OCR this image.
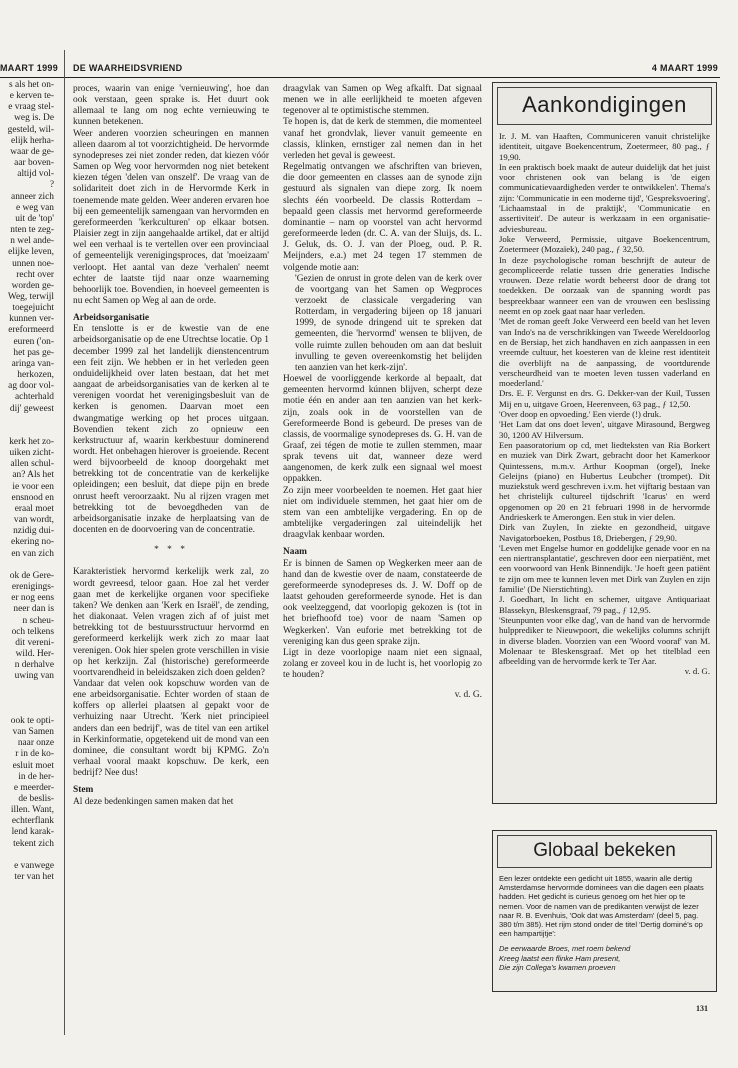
MAART 1999 DE WAARHEIDSVRIEND	4 MAART 1999
s als het on-
e kerven te-
e vraag stel-
weg is. De
gesteld, wil-
elijk herha-
waar de ge-
aar boven-
altijd vol-
?
anneer zich
e weg van
uit de 'top'
nten te zeg-
n wel ande-
elijke leven,
unnen noe-
recht over
worden ge-
Weg, terwijl
toegejuicht
kunnen ver-
ereformeerd
euren ('on-
het pas ge-
aringa van-
herkozen,
ag door vol-
achterhald
dij' geweest

kerk het zo-
uiken zicht-
allen schul-
an? Als het
ie voor een
ensnood en
eraal moet
van wordt,
nzidig dui-
ekering no-
en van zich

ok de Gere-
erenigings-
er nog eens
neer dan is
n scheu-
och telkens
dit vereni-
wild. Her-
n derhalve
uwing van

ook te opti-
van Samen
naar onze
r in de ko-
esluit moet
in de her-
e meerder-
de beslis-
illen. Want,
echterflank
lend karak-
tekent zich

e vanwege
ter van het

proces, waarin van enige 'vernieuwing', hoe dan ook verstaan, geen sprake is. Het duurt ook allemaal te lang om nog echte vernieuwing te kunnen betekenen.

Weer anderen voorzien scheuringen en mannen alleen daarom al tot voorzichtigheid. De hervormde synodepreses zei niet zonder reden, dat kiezen vóór Samen op Weg voor hervormden nog niet betekent kiezen tégen 'delen van onszelf'. De vraag van de solidariteit doet zich in de Hervormde Kerk in toenemende mate gelden. Weer anderen ervaren hoe bij een gemeentelijk samengaan van hervormden en gereformeerden 'kerkculturen' op elkaar botsen. Plaisier zegt in zijn aangehaalde artikel, dat er altijd wel een verhaal is te vertellen over een provinciaal of gemeentelijk verenigingsproces, dat 'moeizaam' verloopt. Het aantal van deze 'verhalen' neemt echter de laatste tijd naar onze waarneming behoorlijk toe. Bovendien, in hoeveel gemeenten is nu echt Samen op Weg al aan de orde.

Arbeidsorganisatie

En tenslotte is er de kwestie van de ene arbeidsorganisatie op de ene Utrechtse locatie. Op 1 december 1999 zal het landelijk dienstencentrum een feit zijn. We hebben er in het verleden geen onduidelijkheid over laten bestaan, dat het met aangaat de arbeidsorganisaties van de kerken al te verenigen voordat het verenigingsbesluit van de kerken is genomen. Daarvan moet een dwangmatige werking op het proces uitgaan. Bovendien tekent zich zo opnieuw een kerkstructuur af, waarin kerkbestuur dominerend wordt. Het onbehagen hierover is groeiende. Recent werd bijvoorbeeld de knoop doorgehakt met betrekking tot de concentratie van de kerkelijke opleidingen; een besluit, dat diepe pijn en brede onrust heeft veroorzaakt. Nu al rijzen vragen met betrekking tot de bevoegdheden van de arbeidsorganisatie inzake de herplaatsing van de docenten en de doorvoering van de concentratie.

* * *

Karakteristiek hervormd kerkelijk werk zal, zo wordt gevreesd, teloor gaan. Hoe zal het verder gaan met de kerkelijke organen voor specifieke taken? We denken aan 'Kerk en Israël', de zending, het diakonaat. Velen vragen zich af of juist met betrekking tot de bestuursstructuur hervormd en gereformeerd kerkelijk werk zich zo maar laat verenigen. Ook hier spelen grote verschillen in visie op het kerkzijn. Zal (historische) gereformeerde voortvarendheid in beleidszaken zich doen gelden?

Vandaar dat velen ook kopschuw worden van de ene arbeidsorganisatie. Echter worden of staan de koffers op allerlei plaatsen al gepakt voor de verhuizing naar Utrecht. 'Kerk niet principieel anders dan een bedrijf', was de titel van een artikel in Kerkinformatie, opgetekend uit de mond van een dominee, die consultant wordt bij KPMG. Zo'n verhaal vooral maakt kopschuw. De kerk, een bedrijf? Nee dus!

Stem

Al deze bedenkingen samen maken dat het

draagvlak van Samen op Weg afkalft. Dat signaal menen we in alle eerlijkheid te moeten afgeven tegenover al te optimistische stemmen.

Te hopen is, dat de kerk de stemmen, die momenteel vanaf het grondvlak, liever vanuit gemeente en classis, klinken, ernstiger zal nemen dan in het verleden het geval is geweest.

Regelmatig ontvangen we afschriften van brieven, die door gemeenten en classes aan de synode zijn gestuurd als signalen van diepe zorg. Ik noem slechts één voorbeeld. De classis Rotterdam – bepaald geen classis met hervormd gereformeerde dominantie – nam op voorstel van acht hervormd gereformeerde leden (dr. C. A. van der Sluijs, ds. L. J. Geluk, ds. O. J. van der Ploeg, oud. P. R. Meijnders, e.a.) met 24 tegen 17 stemmen de volgende motie aan:

'Gezien de onrust in grote delen van de kerk over de voortgang van het Samen op Wegproces verzoekt de classicale vergadering van Rotterdam, in vergadering bijeen op 18 januari 1999, de synode dringend uit te spreken dat gemeenten, die 'hervormd' wensen te blijven, de volle ruimte zullen behouden om aan dat besluit invulling te geven overeenkomstig het belijden ten aanzien van het kerk-zijn'.

Hoewel de voorliggende kerkorde al bepaalt, dat gemeenten hervormd kúnnen blijven, scherpt deze motie één en ander aan ten aanzien van het kerk-zijn, zoals ook in de voorstellen van de Gereformeerde Bond is gebeurd. De preses van de classis, de voormalige synodepreses ds. G. H. van de Graaf, zei tégen de motie te zullen stemmen, maar sprak tevens uit dat, wanneer deze werd aangenomen, de kerk zulk een signaal wel moest oppakken.

Zo zijn meer voorbeelden te noemen. Het gaat hier niet om individuele stemmen, het gaat hier om de stem van een ambtelijke vergadering. En op de ambtelijke vergaderingen zal uiteindelijk het draagvlak kenbaar worden.

Naam

Er is binnen de Samen op Wegkerken meer aan de hand dan de kwestie over de naam, constateerde de gereformeerde synodepreses ds. J. W. Doff op de laatst gehouden gereformeerde synode. Het is dan ook veelzeggend, dat voorlopig gekozen is (tot in het briefhoofd toe) voor de naam 'Samen op Wegkerken'. Van euforie met betrekking tot de vereniging kan dus geen sprake zijn.

Ligt in deze voorlopige naam niet een signaal, zolang er zoveel kou in de lucht is, het voorlopig zo te houden?

v. d. G.
Aankondigingen

Ir. J. M. van Haaften, Communiceren vanuit christelijke identiteit, uitgave Boekencentrum, Zoetermeer, 80 pag., ƒ 19,90.

In een praktisch boek maakt de auteur duidelijk dat het juist voor christenen ook van belang is 'de eigen communicatievaardigheden verder te ontwikkelen'. Thema's zijn: 'Communicatie in een moderne tijd', 'Gespreksvoering', 'Lichaamstaal in de praktijk', 'Communicatie en assertiviteit'. De auteur is werkzaam in een organisatie-adviesbureau.

Joke Verweerd, Permissie, uitgave Boekencentrum, Zoetermeer (Mozaïek), 240 pag., ƒ 32,50.

In deze psychologische roman beschrijft de auteur de gecompliceerde relatie tussen drie generaties Indische vrouwen. Deze relatie wordt beheerst door de drang tot toedekken. De oorzaak van de spanning wordt pas bespreekbaar wanneer een van de vrouwen een beslissing neemt en op zoek gaat naar haar verleden.

'Met de roman geeft Joke Verweerd een beeld van het leven van Indo's na de verschrikkingen van Tweede Wereldoorlog en de Bersiap, het zich handhaven en zich aanpassen in een vreemde cultuur, het koesteren van de kleine rest identiteit die overblijft na de aanpassing, de voortdurende verscheurdheid van te moeten leven tussen vaderland en moederland.'

Drs. E. F. Vergunst en drs. G. Dekker-van der Kuil, Tussen Mij en u, uitgave Groen, Heerenveen, 63 pag., ƒ 12,50.

'Over doop en opvoeding.' Een vierde (!) druk.

'Het Lam dat ons doet leven', uitgave Mirasound, Bergweg 30, 1200 AV Hilversum.

Een paasoratorium op cd, met liedteksten van Ria Borkert en muziek van Dirk Zwart, gebracht door het Kamerkoor Quintessens, m.m.v. Arthur Koopman (orgel), Ineke Geleijns (piano) en Hubertus Leubcher (trompet). Dit muziekstuk werd geschreven i.v.m. het vijftarig bestaan van het christelijk cultureel tijdschrift 'Icarus' en werd opgenomen op 20 en 21 februari 1998 in de hervormde Andrieskerk te Amerongen. Een stuk in vier delen.

Dirk van Zuylen, In ziekte en gezondheid, uitgave Navigatorboeken, Postbus 18, Driebergen, ƒ 29,90.

'Leven met Engelse humor en goddelijke genade voor en na een niertransplantatie', geschreven door een nierpatiënt, met een voorwoord van Henk Binnendijk. 'Je hoeft geen patiënt te zijn om mee te kunnen leven met Dirk van Zuylen en zijn familie' (De Nierstichting).

J. Goedhart, In licht en schemer, uitgave Antiquariaat Blassekyn, Bleskensgraaf, 79 pag., ƒ 12,95.

'Steunpunten voor elke dag', van de hand van de hervormde hulpprediker te Nieuwpoort, die wekelijks columns schrijft in diverse bladen. Voorzien van een 'Woord vooraf' van M. Molenaar te Bleskensgraaf. Met op het titelblad een afbeelding van de hervormde kerk te Ter Aar.

v. d. G.

Globaal bekeken

Een lezer ontdekte een gedicht uit 1855, waarin alle dertig Amsterdamse hervormde dominees van die dagen een plaats hadden. Het gedicht is curieus genoeg om het hier op te nemen. Voor de namen van de predikanten verwijst de lezer naar R. B. Evenhuis, 'Ook dat was Amsterdam' (deel 5, pag. 380 t/m 385). Het rijm stond onder de titel 'Dertig dominé's op een hampartijtje':

De eerwaarde Broes, met roem bekend
Kreeg laatst een flinke Ham present,
Die zijn Collega's kwamen proeven
131
